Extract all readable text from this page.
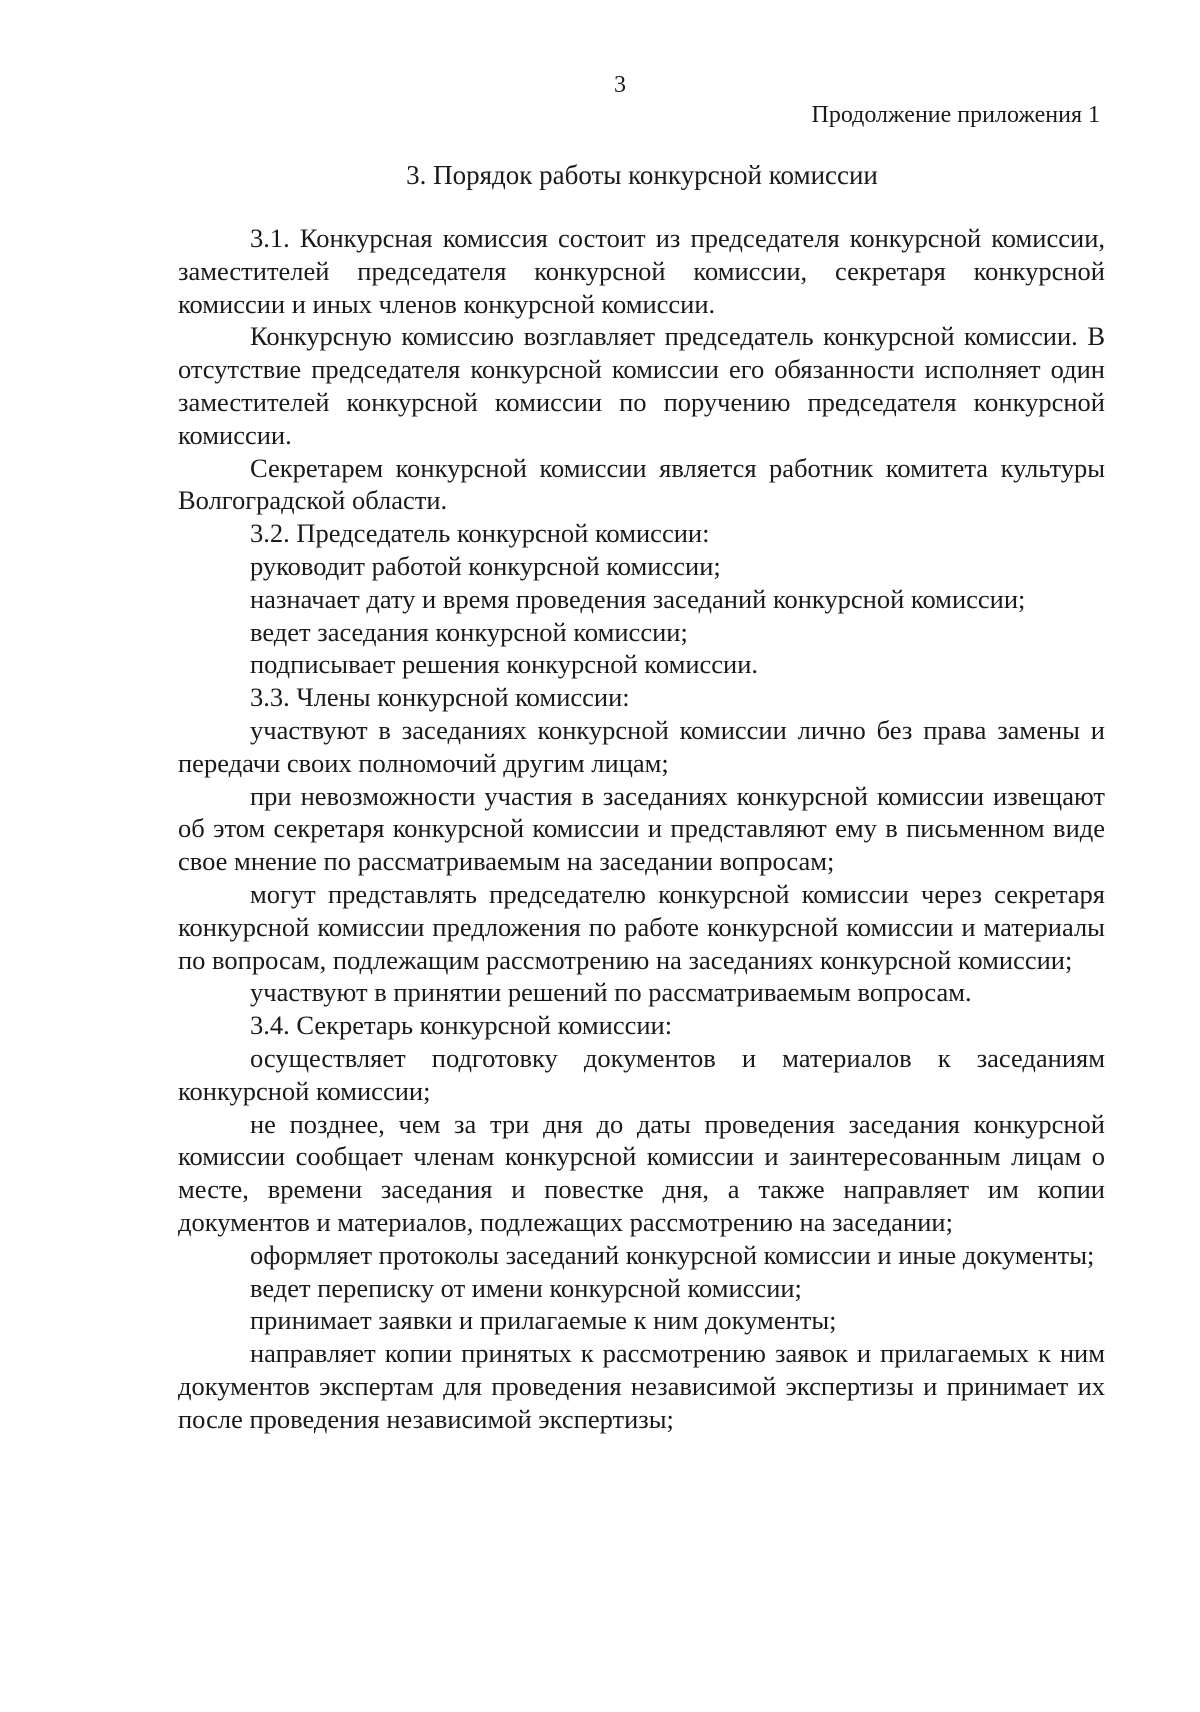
3
Продолжение приложения 1
3. Порядок работы конкурсной комиссии

3.1. Конкурсная комиссия состоит из председателя конкурсной комиссии, заместителей председателя конкурсной комиссии, секретаря конкурсной комиссии и иных членов конкурсной комиссии.

Конкурсную комиссию возглавляет председатель конкурсной комиссии. В отсутствие председателя конкурсной комиссии его обязанности исполняет один заместителей конкурсной комиссии по поручению председателя конкурсной комиссии.

Секретарем конкурсной комиссии является работник комитета культуры Волгоградской области.

3.2. Председатель конкурсной комиссии:

руководит работой конкурсной комиссии;

назначает дату и время проведения заседаний конкурсной комиссии;

ведет заседания конкурсной комиссии;

подписывает решения конкурсной комиссии.

3.3. Члены конкурсной комиссии:

участвуют в заседаниях конкурсной комиссии лично без права замены и передачи своих полномочий другим лицам;

при невозможности участия в заседаниях конкурсной комиссии извещают об этом секретаря конкурсной комиссии и представляют ему в письменном виде свое мнение по рассматриваемым на заседании вопросам;

могут представлять председателю конкурсной комиссии через секретаря конкурсной комиссии предложения по работе конкурсной комиссии и материалы по вопросам, подлежащим рассмотрению на заседаниях конкурсной комиссии;

участвуют в принятии решений по рассматриваемым вопросам.

3.4. Секретарь конкурсной комиссии:

осуществляет подготовку документов и материалов к заседаниям конкурсной комиссии;

не позднее, чем за три дня до даты проведения заседания конкурсной комиссии сообщает членам конкурсной комиссии и заинтересованным лицам о месте, времени заседания и повестке дня, а также направляет им копии документов и материалов, подлежащих рассмотрению на заседании;

оформляет протоколы заседаний конкурсной комиссии и иные документы;

ведет переписку от имени конкурсной комиссии;

принимает заявки и прилагаемые к ним документы;

направляет копии принятых к рассмотрению заявок и прилагаемых к ним документов экспертам для проведения независимой экспертизы и принимает их после проведения независимой экспертизы;
